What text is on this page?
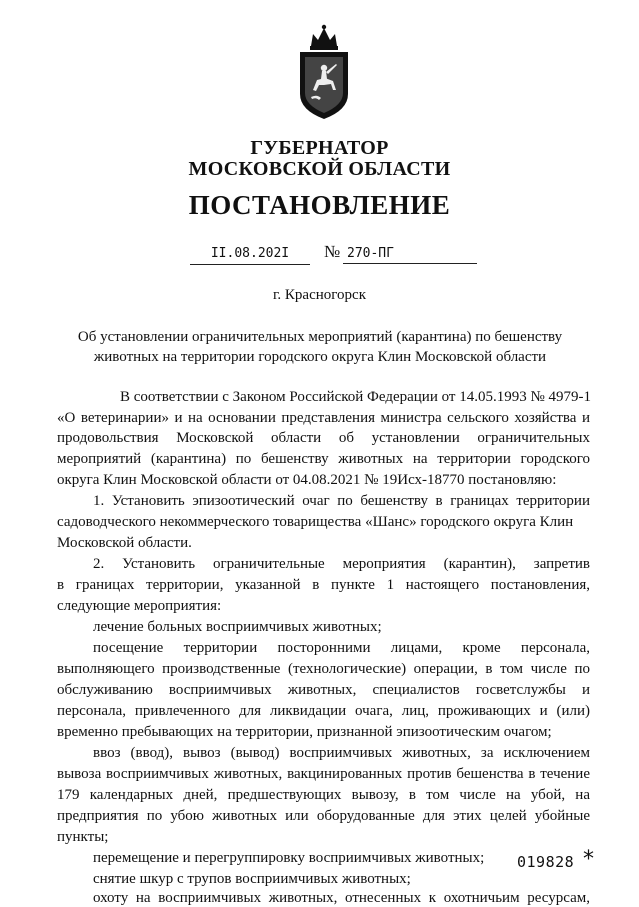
ГУБЕРНАТОР
МОСКОВСКОЙ ОБЛАСТИ
ПОСТАНОВЛЕНИЕ
II.08.202I	№ 270-ПГ
г. Красногорск
Об установлении ограничительных мероприятий (карантина) по бешенству
животных на территории городского округа Клин Московской области
В соответствии с Законом Российской Федерации от 14.05.1993 № 4979-1
«О ветеринарии» и на основании представления министра сельского хозяйства и
продовольствия Московской области об установлении ограничительных
мероприятий (карантина) по бешенству животных на территории городского
округа Клин Московской области от 04.08.2021 № 19Исх-18770 постановляю:
1. Установить эпизоотический очаг по бешенству в границах территории
садоводческого некоммерческого товарищества «Шанс» городского округа Клин
Московской области.
2. Установить ограничительные мероприятия (карантин), запретив
в границах территории, указанной в пункте 1 настоящего постановления,
следующие мероприятия:
лечение больных восприимчивых животных;
посещение территории посторонними лицами, кроме персонала,
выполняющего производственные (технологические) операции, в том числе по
обслуживанию восприимчивых животных, специалистов госветслужбы и
персонала, привлеченного для ликвидации очага, лиц, проживающих и (или)
временно пребывающих на территории, признанной эпизоотическим очагом;
ввоз (ввод), вывоз (вывод) восприимчивых животных, за исключением
вывоза восприимчивых животных, вакцинированных против бешенства в течение
179 календарных дней, предшествующих вывозу, в том числе на убой, на
предприятия по убою животных или оборудованные для этих целей убойные
пункты;
перемещение и перегруппировку восприимчивых животных;
снятие шкур с трупов восприимчивых животных;
охоту на восприимчивых животных, отнесенных к охотничьим ресурсам,
019828 *
